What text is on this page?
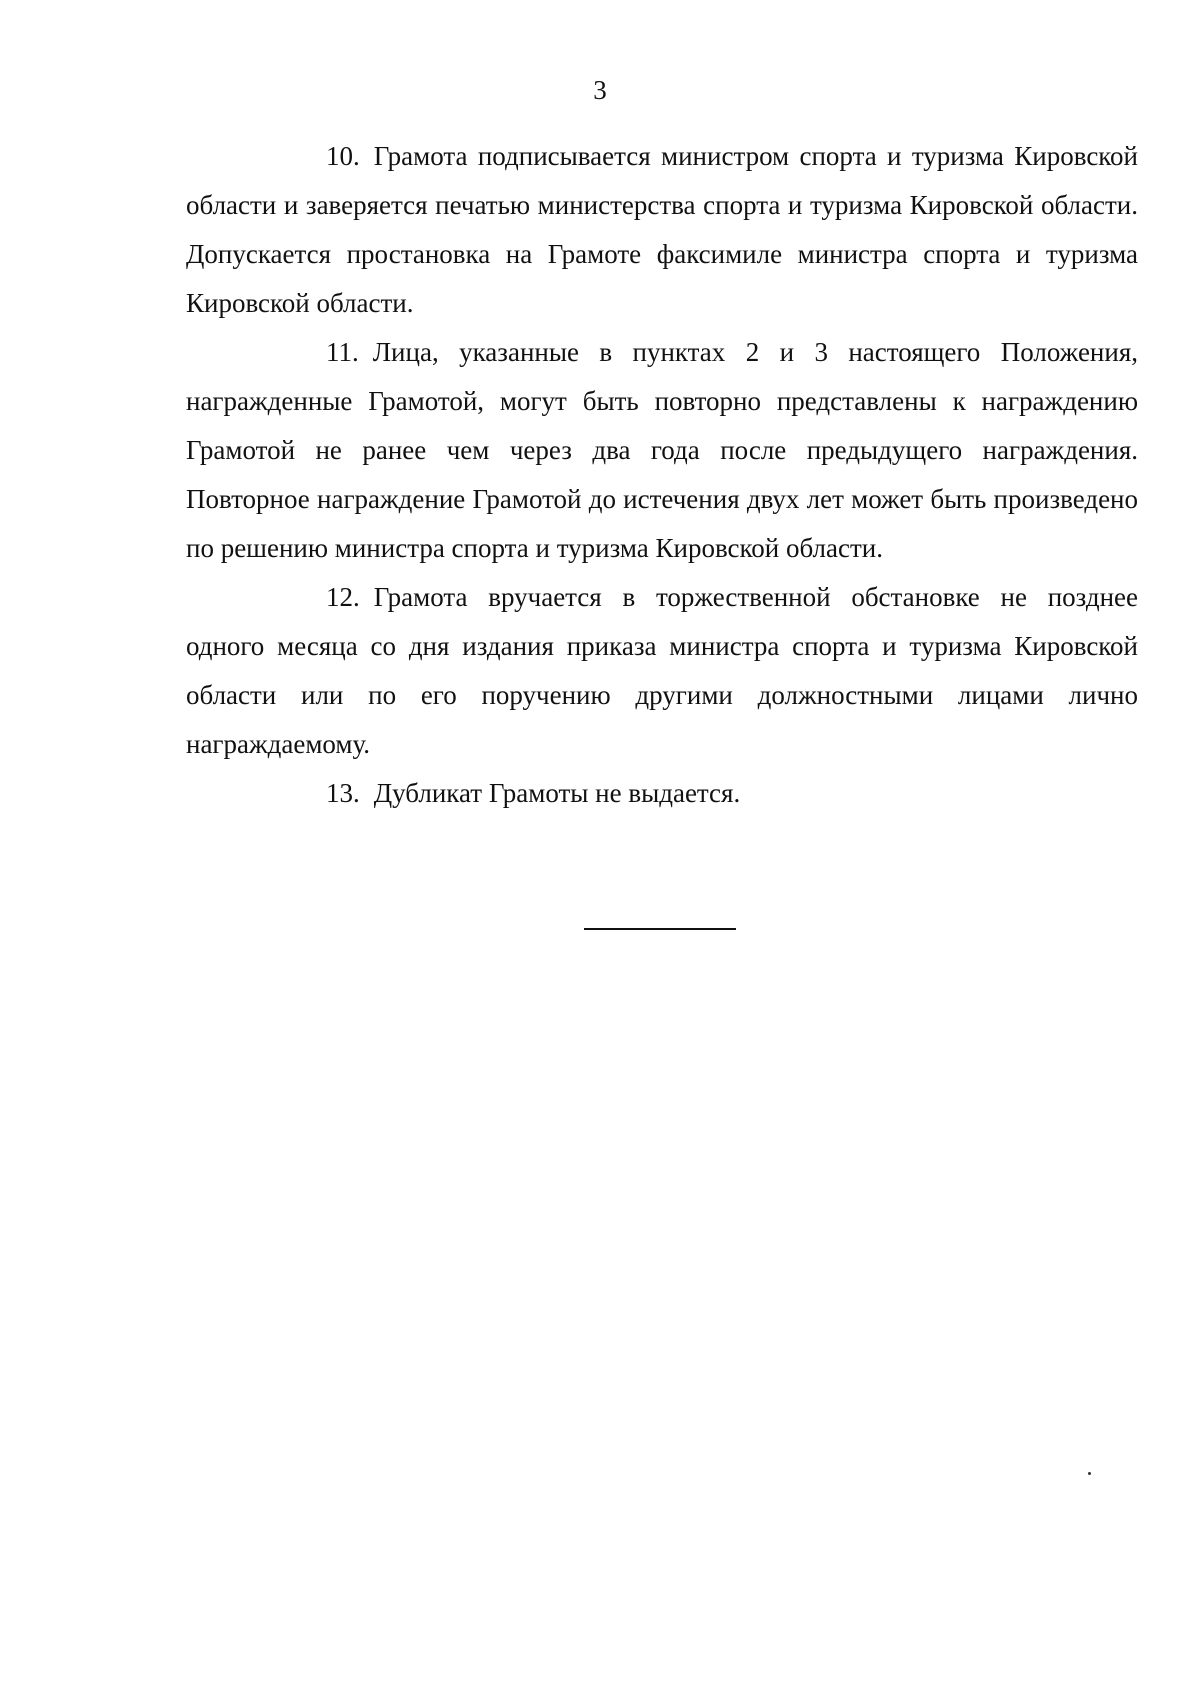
3

10. Грамота подписывается министром спорта и туризма Кировской области и заверяется печатью министерства спорта и туризма Кировской области. Допускается простановка на Грамоте факсимиле министра спорта и туризма Кировской области.

11. Лица, указанные в пунктах 2 и 3 настоящего Положения, награжденные Грамотой, могут быть повторно представлены к награждению Грамотой не ранее чем через два года после предыдущего награждения. Повторное награждение Грамотой до истечения двух лет может быть произведено по решению министра спорта и туризма Кировской области.

12. Грамота вручается в торжественной обстановке не позднее одного месяца со дня издания приказа министра спорта и туризма Кировской области или по его поручению другими должностными лицами лично награждаемому.

13. Дубликат Грамоты не выдается.
